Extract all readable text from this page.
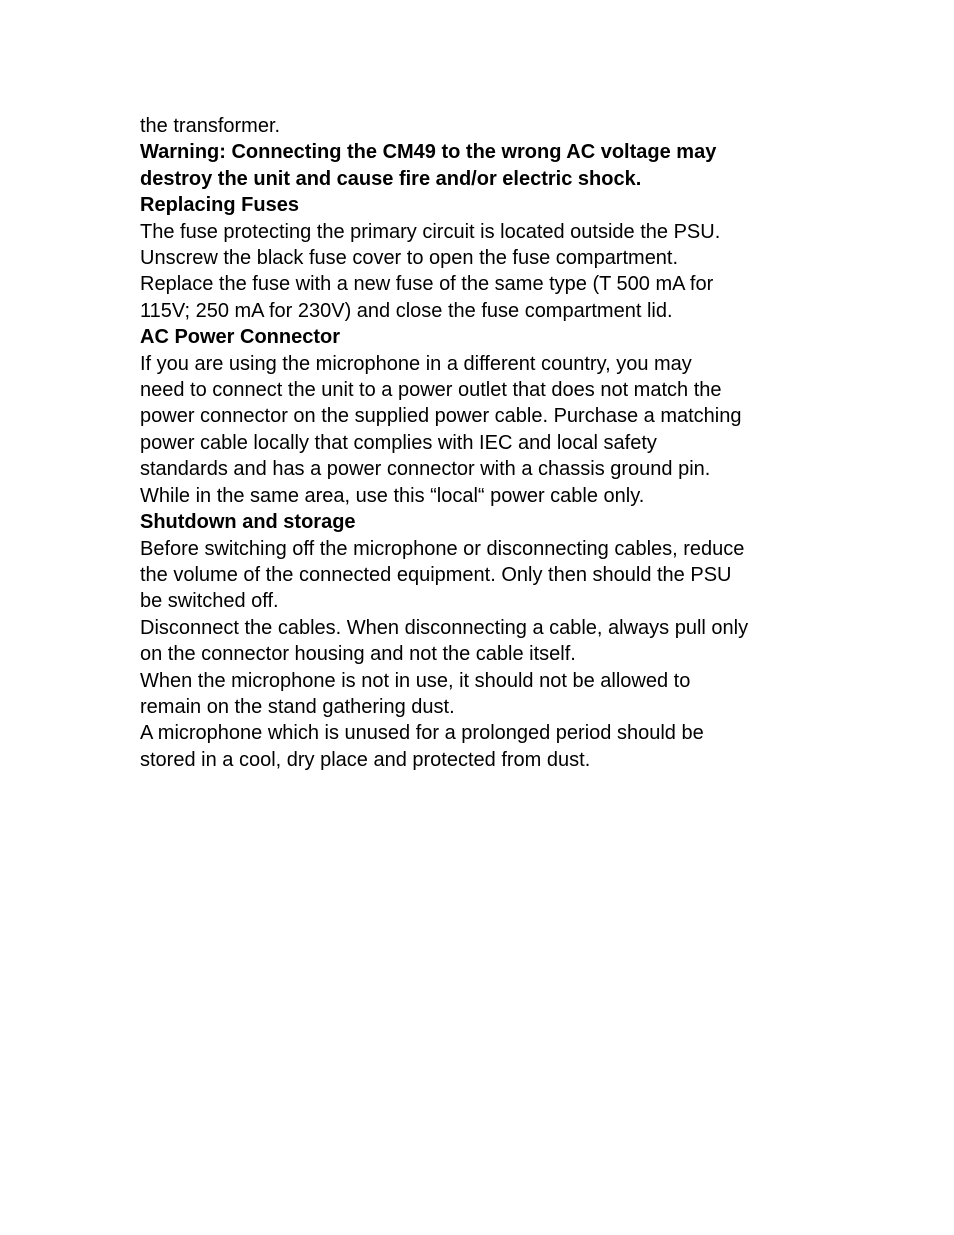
the transformer.

Warning: Connecting the CM49 to the wrong AC voltage may
destroy the unit and cause fire and/or electric shock.

Replacing Fuses

The fuse protecting the primary circuit is located outside the PSU.
Unscrew the black fuse cover to open the fuse compartment.
Replace the fuse with a new fuse of the same type (T 500 mA for
115V; 250 mA for 230V) and close the fuse compartment lid.

AC Power Connector

If you are using the microphone in a different country, you may
need to connect the unit to a power outlet that does not match the
power connector on the supplied power cable. Purchase a matching
power cable locally that complies with IEC and local safety
standards and has a power connector with a chassis ground pin.
While in the same area, use this “local“ power cable only.

Shutdown and storage

Before switching off the microphone or disconnecting cables, reduce
the volume of the connected equipment. Only then should the PSU
be switched off.

Disconnect the cables. When disconnecting a cable, always pull only
on the connector housing and not the cable itself.

When the microphone is not in use, it should not be allowed to
remain on the stand gathering dust.

A microphone which is unused for a prolonged period should be
stored in a cool, dry place and protected from dust.
